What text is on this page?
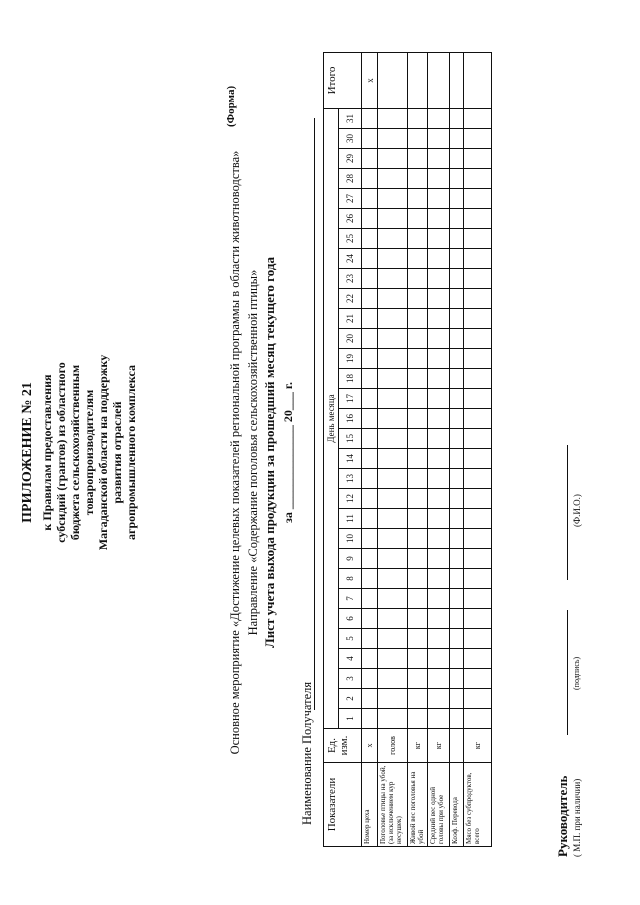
ПРИЛОЖЕНИЕ № 21 к Правилам предоставления субсидий (грантов) из областного бюджета сельскохозяйственным товаропроизводителям Магаданской области на поддержку развития отраслей агропромышленного комплекса
(Форма)
Основное мероприятие «Достижение целевых показателей региональной программы в области животноводства» Направление «Содержание поголовья сельскохозяйственной птицы» Лист учета выхода продукции за прошедший месяц текущего года за ______________ 20___ г.
Наименование Получателя Показатели	Ед. изм.	День месяца																															Итого
		1	2	3	4	5	6	7	8	9	10	11	12	13	14	15	16	17	18	19	20	21	22	23	24	25	26	27	28	29	30	31	
Номер цеха	х																																х
Поголовье птицы на убой, (за исключением кур несушек)	голов																																
Живой вес поголовья на убой	кг																																
Средний вес одной головы при убое	кг																																
Коэф. Перевода																																	
Мясо без субпродуктов, всего	кг																																
Руководитель ( М.П. при наличии)
(подпись)
(Ф.И.О.)
